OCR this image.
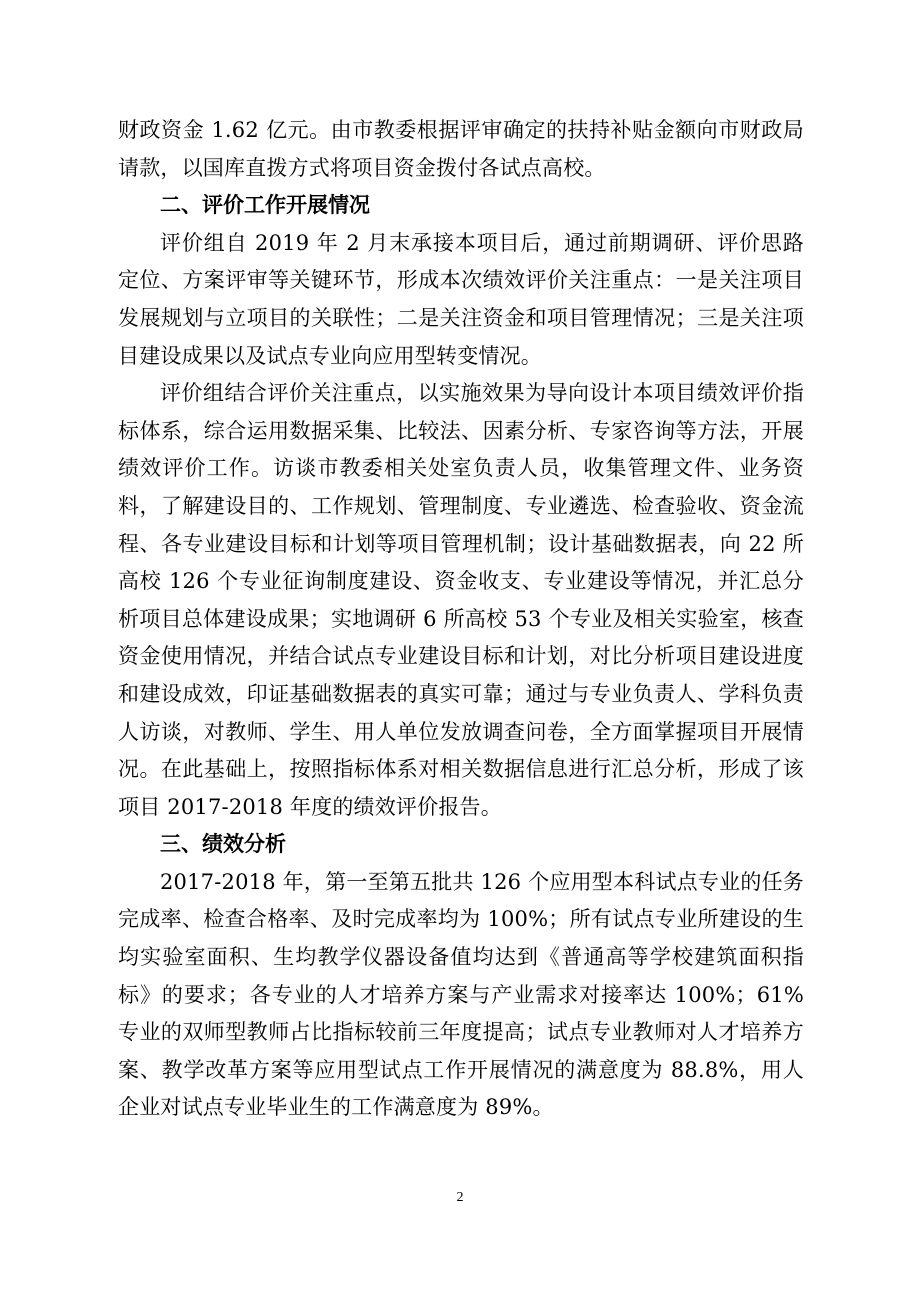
财政资金 1.62 亿元。由市教委根据评审确定的扶持补贴金额向市财政局请款，以国库直拨方式将项目资金拨付各试点高校。

二、评价工作开展情况

评价组自 2019 年 2 月末承接本项目后，通过前期调研、评价思路定位、方案评审等关键环节，形成本次绩效评价关注重点：一是关注项目发展规划与立项目的关联性；二是关注资金和项目管理情况；三是关注项目建设成果以及试点专业向应用型转变情况。

评价组结合评价关注重点，以实施效果为导向设计本项目绩效评价指标体系，综合运用数据采集、比较法、因素分析、专家咨询等方法，开展绩效评价工作。访谈市教委相关处室负责人员，收集管理文件、业务资料，了解建设目的、工作规划、管理制度、专业遴选、检查验收、资金流程、各专业建设目标和计划等项目管理机制；设计基础数据表，向 22 所高校 126 个专业征询制度建设、资金收支、专业建设等情况，并汇总分析项目总体建设成果；实地调研 6 所高校 53 个专业及相关实验室，核查资金使用情况，并结合试点专业建设目标和计划，对比分析项目建设进度和建设成效，印证基础数据表的真实可靠；通过与专业负责人、学科负责人访谈，对教师、学生、用人单位发放调查问卷，全方面掌握项目开展情况。在此基础上，按照指标体系对相关数据信息进行汇总分析，形成了该项目 2017-2018 年度的绩效评价报告。

三、绩效分析

2017-2018 年，第一至第五批共 126 个应用型本科试点专业的任务完成率、检查合格率、及时完成率均为 100%；所有试点专业所建设的生均实验室面积、生均教学仪器设备值均达到《普通高等学校建筑面积指标》的要求；各专业的人才培养方案与产业需求对接率达 100%；61%专业的双师型教师占比指标较前三年度提高；试点专业教师对人才培养方案、教学改革方案等应用型试点工作开展情况的满意度为 88.8%，用人企业对试点专业毕业生的工作满意度为 89%。

2
